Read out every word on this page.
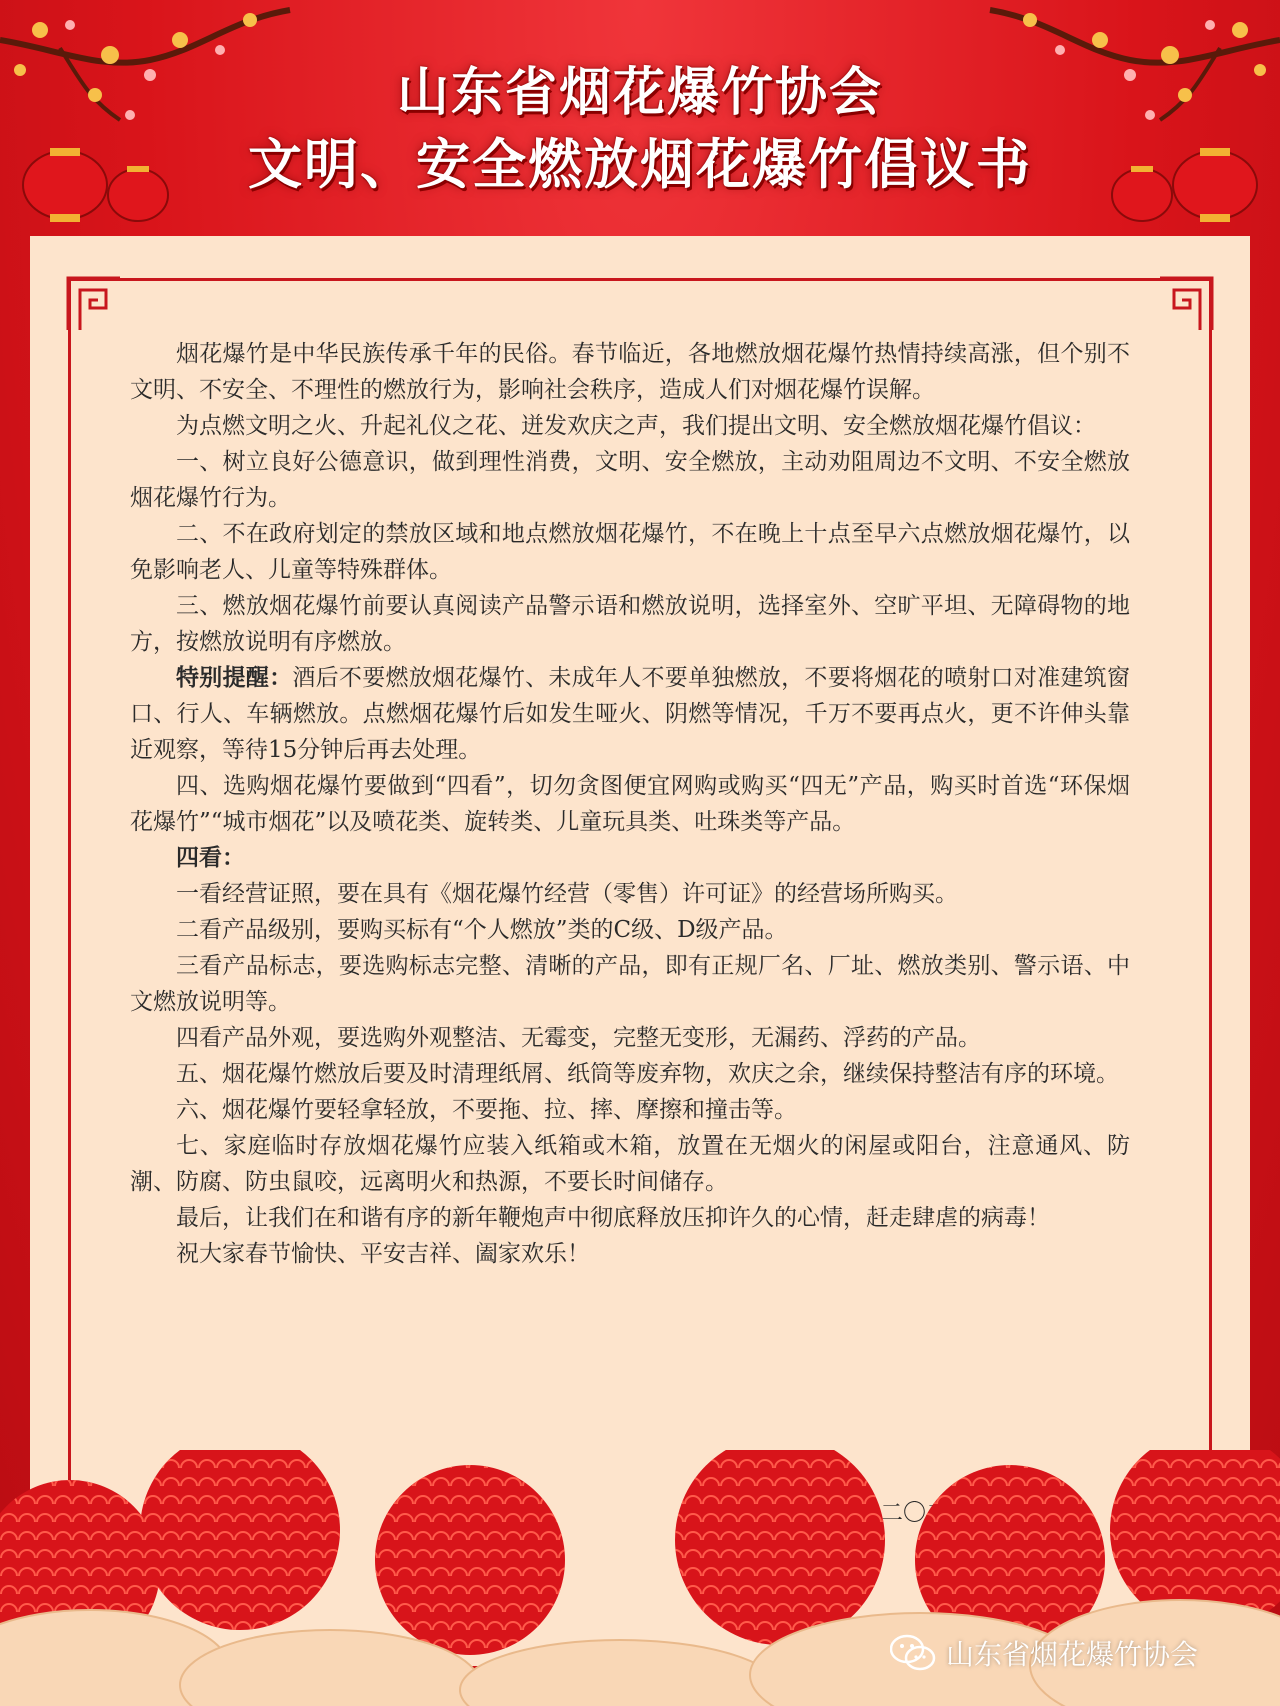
山东省烟花爆竹协会
文明、安全燃放烟花爆竹倡议书

烟花爆竹是中华民族传承千年的民俗。春节临近，各地燃放烟花爆竹热情持续高涨，但个别不文明、不安全、不理性的燃放行为，影响社会秩序，造成人们对烟花爆竹误解。

为点燃文明之火、升起礼仪之花、迸发欢庆之声，我们提出文明、安全燃放烟花爆竹倡议：

一、树立良好公德意识，做到理性消费，文明、安全燃放，主动劝阻周边不文明、不安全燃放烟花爆竹行为。

二、不在政府划定的禁放区域和地点燃放烟花爆竹，不在晚上十点至早六点燃放烟花爆竹，以免影响老人、儿童等特殊群体。

三、燃放烟花爆竹前要认真阅读产品警示语和燃放说明，选择室外、空旷平坦、无障碍物的地方，按燃放说明有序燃放。

特别提醒：酒后不要燃放烟花爆竹、未成年人不要单独燃放，不要将烟花的喷射口对准建筑窗口、行人、车辆燃放。点燃烟花爆竹后如发生哑火、阴燃等情况，千万不要再点火，更不许伸头靠近观察，等待15分钟后再去处理。

四、选购烟花爆竹要做到“四看”，切勿贪图便宜网购或购买“四无”产品，购买时首选“环保烟花爆竹”“城市烟花”以及喷花类、旋转类、儿童玩具类、吐珠类等产品。

四看：

一看经营证照，要在具有《烟花爆竹经营（零售）许可证》的经营场所购买。

二看产品级别，要购买标有“个人燃放”类的C级、D级产品。

三看产品标志，要选购标志完整、清晰的产品，即有正规厂名、厂址、燃放类别、警示语、中文燃放说明等。

四看产品外观，要选购外观整洁、无霉变，完整无变形，无漏药、浮药的产品。

五、烟花爆竹燃放后要及时清理纸屑、纸筒等废弃物，欢庆之余，继续保持整洁有序的环境。

六、烟花爆竹要轻拿轻放，不要拖、拉、摔、摩擦和撞击等。

七、家庭临时存放烟花爆竹应装入纸箱或木箱，放置在无烟火的闲屋或阳台，注意通风、防潮、防腐、防虫鼠咬，远离明火和热源，不要长时间储存。

最后，让我们在和谐有序的新年鞭炮声中彻底释放压抑许久的心情，赶走肆虐的病毒！

祝大家春节愉快、平安吉祥、阖家欢乐！

山东省烟花爆竹协会
